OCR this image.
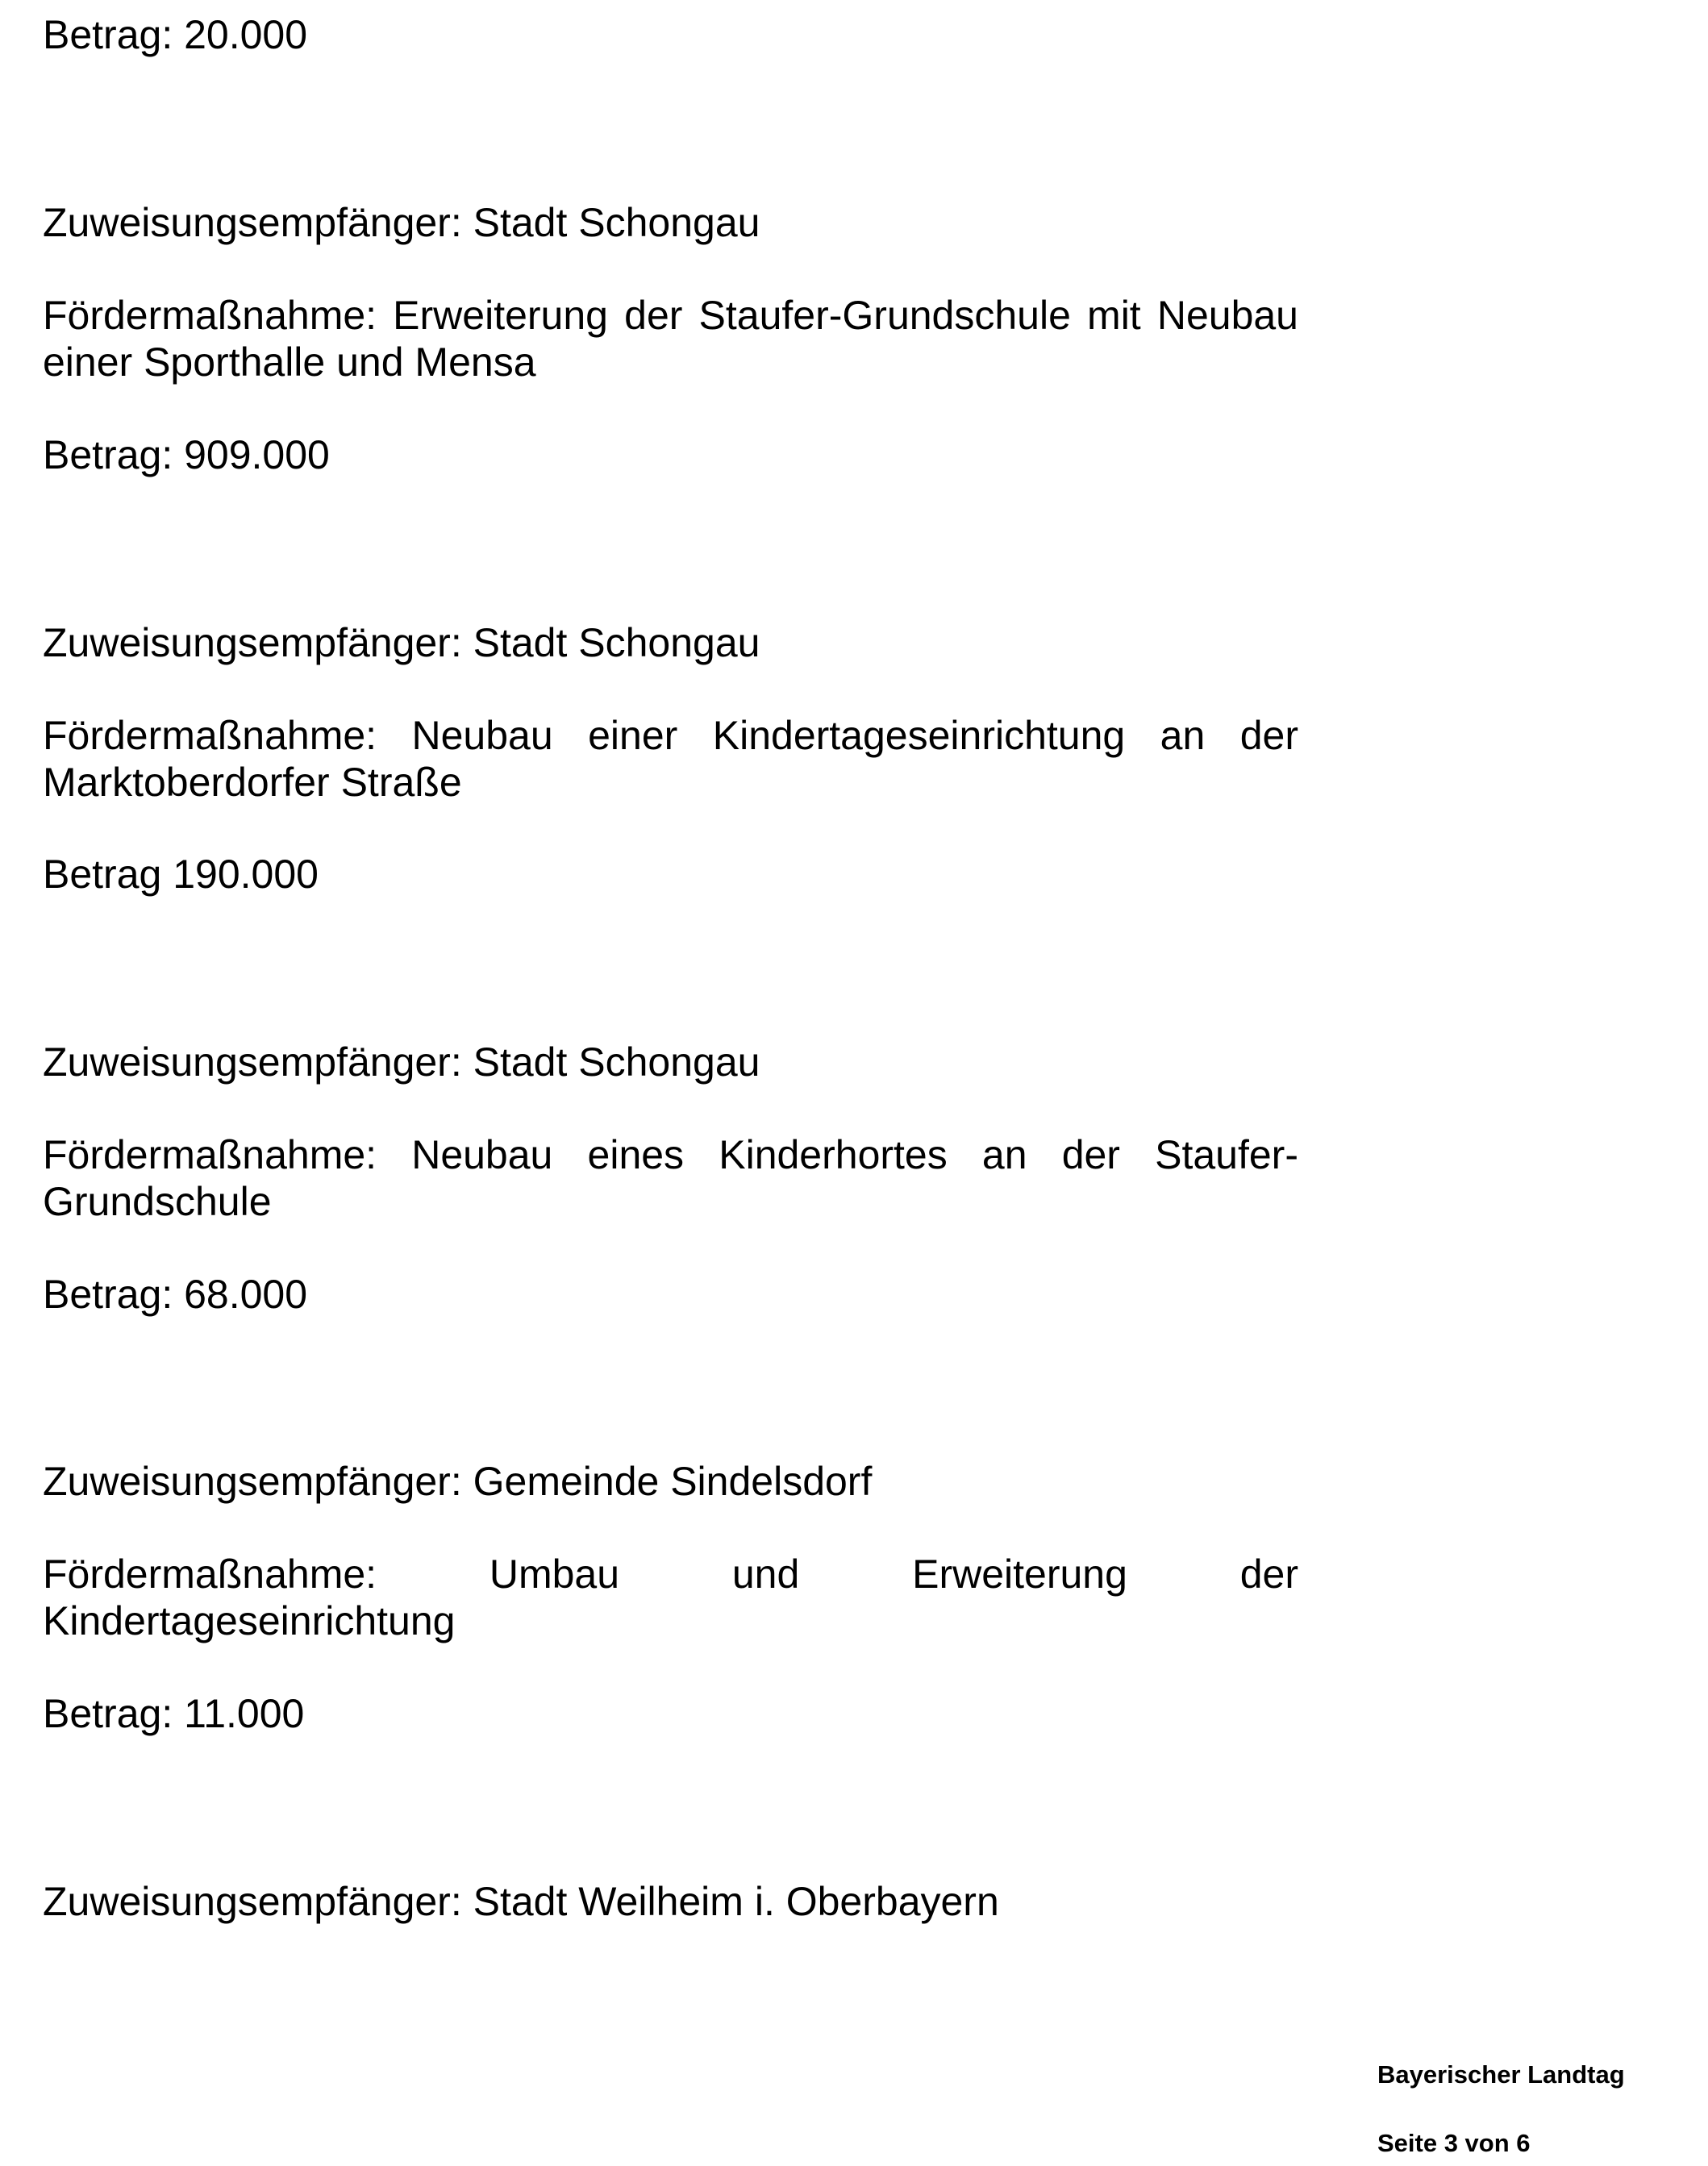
Betrag: 20.000

Zuweisungsempfänger: Stadt Schongau

Fördermaßnahme: Erweiterung der Staufer-Grundschule mit Neubau
einer Sporthalle und Mensa

Betrag: 909.000

Zuweisungsempfänger: Stadt Schongau

Fördermaßnahme: Neubau einer Kindertageseinrichtung an der
Marktoberdorfer Straße

Betrag 190.000

Zuweisungsempfänger: Stadt Schongau

Fördermaßnahme: Neubau eines Kinderhortes an der Staufer-
Grundschule

Betrag: 68.000

Zuweisungsempfänger: Gemeinde Sindelsdorf

Fördermaßnahme: Umbau und Erweiterung der
Kindertageseinrichtung

Betrag: 11.000

Zuweisungsempfänger: Stadt Weilheim i. Oberbayern

Bayerischer Landtag

Seite 3 von 6
